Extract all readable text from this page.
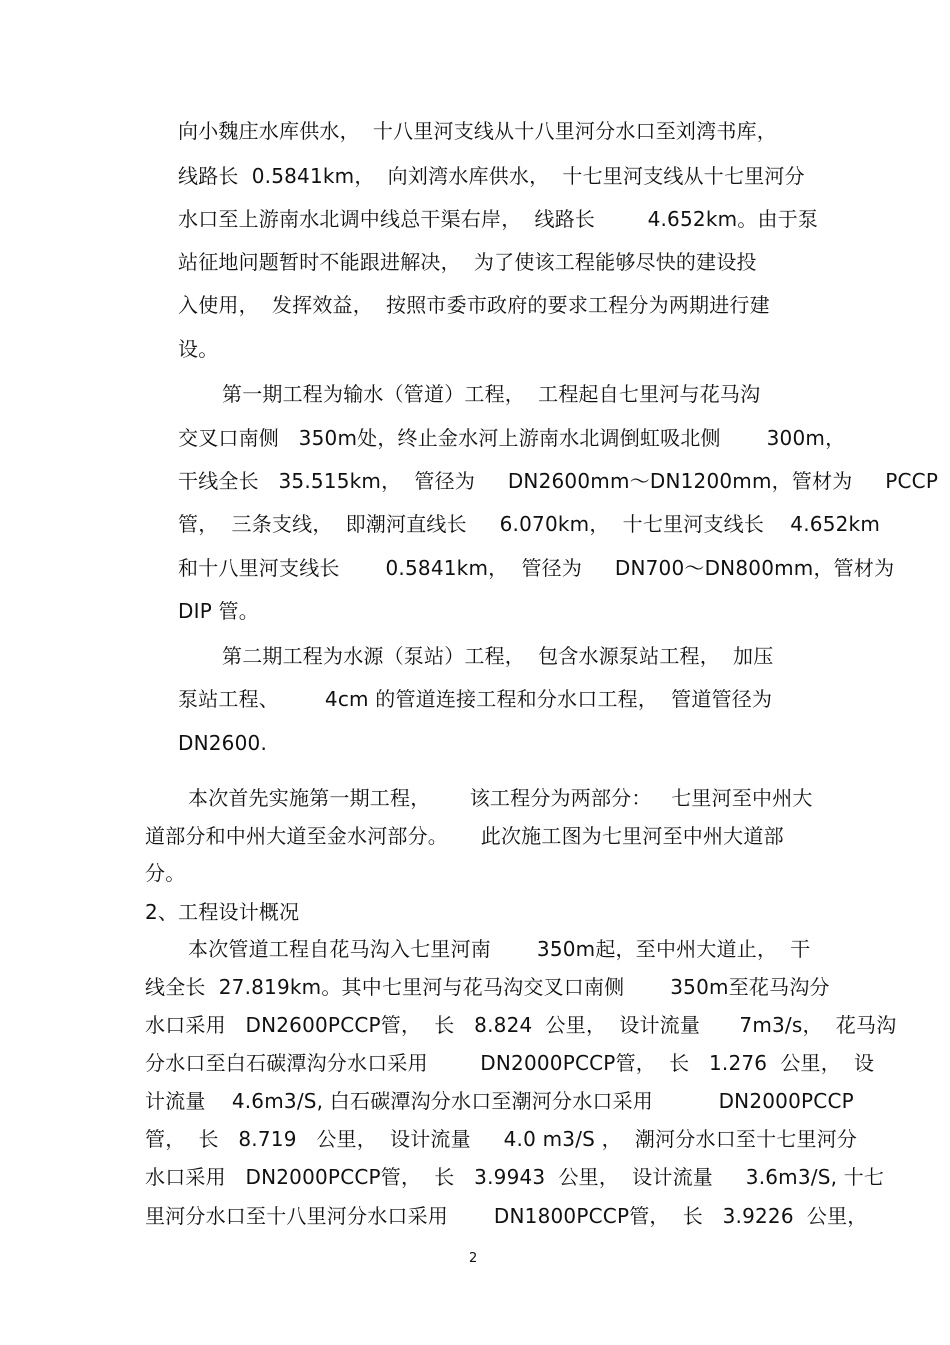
向小魏庄水库供水，  十八里河支线从十八里河分水口至刘湾书库，
线路长  0.5841km，  向刘湾水库供水，  十七里河支线从十七里河分
水口至上游南水北调中线总干渠右岸，  线路长        4.652km。由于泵
站征地问题暂时不能跟进解决，  为了使该工程能够尽快的建设投
入使用，  发挥效益，  按照市委市政府的要求工程分为两期进行建
设。
第一期工程为输水（管道）工程，  工程起自七里河与花马沟
交叉口南侧   350m处，终止金水河上游南水北调倒虹吸北侧       300m，
干线全长   35.515km，  管径为     DN2600mm～DN1200mm，管材为     PCCP
管，  三条支线，  即潮河直线长     6.070km，  十七里河支线长    4.652km
和十八里河支线长       0.5841km，  管径为     DN700～DN800mm，管材为
DIP 管。
第二期工程为水源（泵站）工程，  包含水源泵站工程，  加压
泵站工程、       4cm 的管道连接工程和分水口工程，  管道管径为
DN2600.
本次首先实施第一期工程，      该工程分为两部分：   七里河至中州大
道部分和中州大道至金水河部分。     此次施工图为七里河至中州大道部
分。
2、工程设计概况
本次管道工程自花马沟入七里河南       350m起，至中州大道止，  干
线全长  27.819km。其中七里河与花马沟交叉口南侧       350m至花马沟分
水口采用   DN2600PCCP管，  长   8.824  公里，  设计流量      7m3/s，  花马沟
分水口至白石碳潭沟分水口采用        DN2000PCCP管，  长   1.276  公里，  设
计流量    4.6m3/S, 白石碳潭沟分水口至潮河分水口采用          DN2000PCCP
管，  长   8.719   公里，  设计流量     4.0 m3/S ，  潮河分水口至十七里河分
水口采用   DN2000PCCP管，  长   3.9943  公里，  设计流量     3.6m3/S, 十七
里河分水口至十八里河分水口采用       DN1800PCCP管，  长   3.9226  公里，
2
